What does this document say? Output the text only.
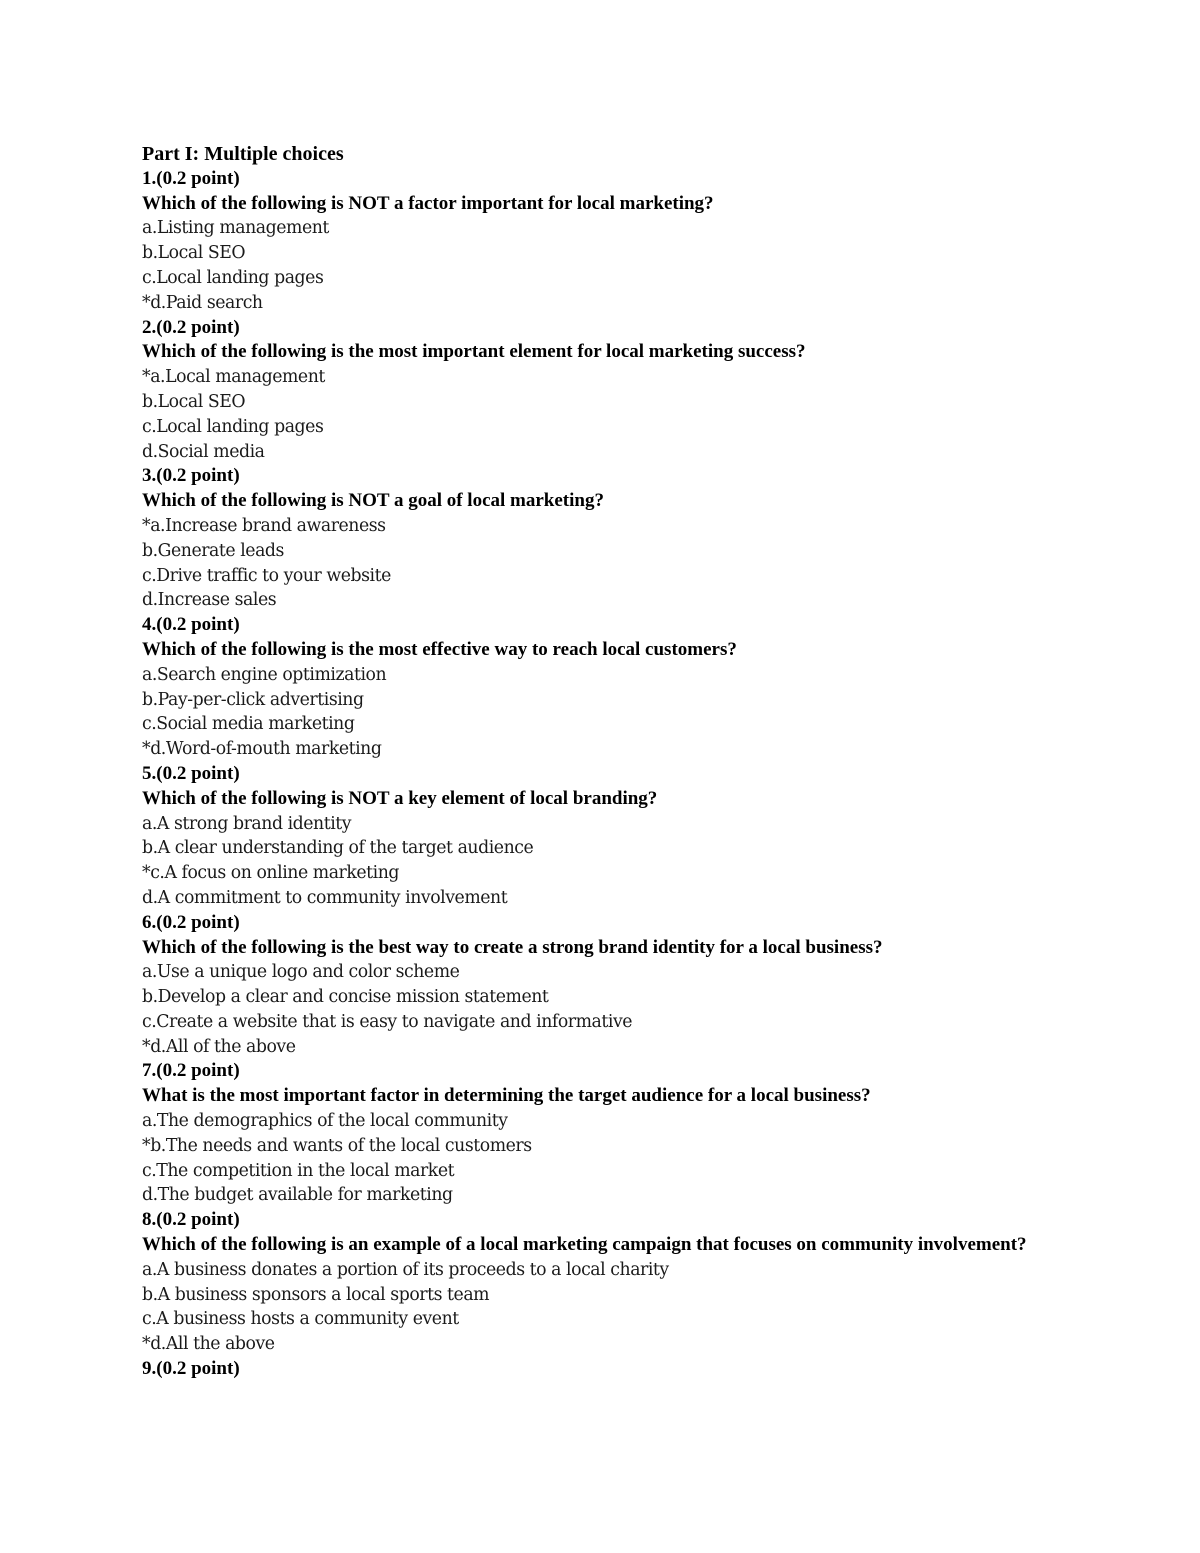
Part I: Multiple choices

1.(0.2 point)

Which of the following is NOT a factor important for local marketing?

a.Listing management

b.Local SEO

c.Local landing pages

*d.Paid search

2.(0.2 point)

Which of the following is the most important element for local marketing success?

*a.Local management

b.Local SEO

c.Local landing pages

d.Social media

3.(0.2 point)

Which of the following is NOT a goal of local marketing?

*a.Increase brand awareness

b.Generate leads

c.Drive traffic to your website

d.Increase sales

4.(0.2 point)

Which of the following is the most effective way to reach local customers?

a.Search engine optimization

b.Pay-per-click advertising

c.Social media marketing

*d.Word-of-mouth marketing

5.(0.2 point)

Which of the following is NOT a key element of local branding?

a.A strong brand identity

b.A clear understanding of the target audience

*c.A focus on online marketing

d.A commitment to community involvement

6.(0.2 point)

Which of the following is the best way to create a strong brand identity for a local business?

a.Use a unique logo and color scheme

b.Develop a clear and concise mission statement

c.Create a website that is easy to navigate and informative

*d.All of the above

7.(0.2 point)

What is the most important factor in determining the target audience for a local business?

a.The demographics of the local community

*b.The needs and wants of the local customers

c.The competition in the local market

d.The budget available for marketing

8.(0.2 point)

Which of the following is an example of a local marketing campaign that focuses on community involvement?

a.A business donates a portion of its proceeds to a local charity

b.A business sponsors a local sports team

c.A business hosts a community event

*d.All the above

9.(0.2 point)
